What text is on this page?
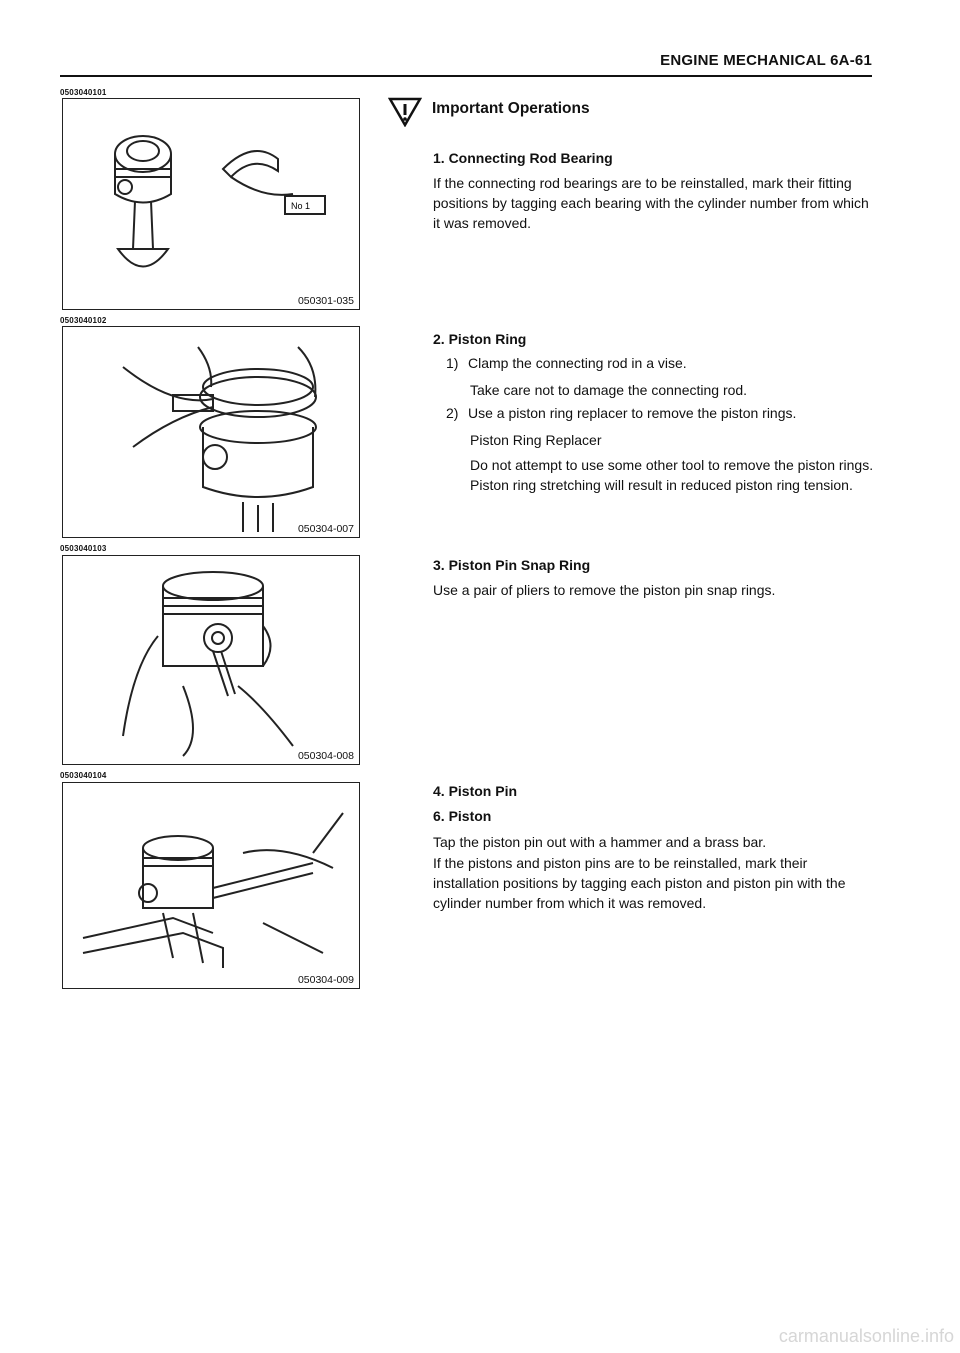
ENGINE MECHANICAL 6A-61
0503040101
No 1
050301-035
0503040102
050304-007
0503040103
050304-008
0503040104
050304-009
Important Operations
1. Connecting Rod Bearing
If the connecting rod bearings are to be reinstalled, mark their fitting positions by tagging each bearing with the cylinder number from which it was removed.
2. Piston Ring
1) Clamp the connecting rod in a vise.
Take care not to damage the connecting rod.
2) Use a piston ring replacer to remove the piston rings.
Piston Ring Replacer
Do not attempt to use some other tool to remove the piston rings. Piston ring stretching will result in reduced piston ring tension.
3. Piston Pin Snap Ring
Use a pair of pliers to remove the piston pin snap rings.
4. Piston Pin
6. Piston
Tap the piston pin out with a hammer and a brass bar.
If the pistons and piston pins are to be reinstalled, mark their installation positions by tagging each piston and piston pin with the cylinder number from which it was removed.
carmanualsonline.info
